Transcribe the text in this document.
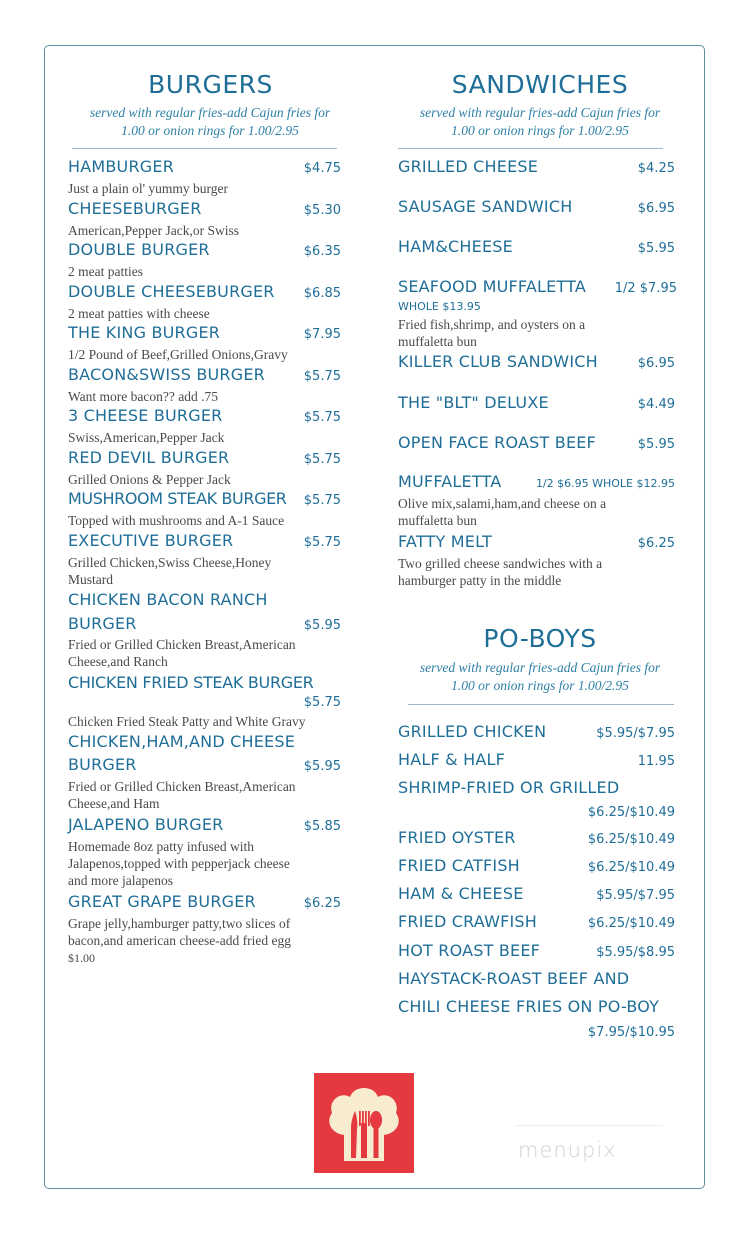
BURGERS
served with regular fries-add Cajun fries for
1.00 or onion rings for 1.00/2.95
HAMBURGER	$4.75
Just a plain ol' yummy burger
CHEESEBURGER	$5.30
American,Pepper Jack,or Swiss
DOUBLE BURGER	$6.35
2 meat patties
DOUBLE CHEESEBURGER $6.85
2 meat patties with cheese
THE KING BURGER	$7.95
1/2 Pound of Beef,Grilled Onions,Gravy
BACON&SWISS BURGER	$5.75
Want more bacon?? add .75
3 CHEESE BURGER	$5.75
Swiss,American,Pepper Jack
RED DEVIL BURGER	$5.75
Grilled Onions & Pepper Jack
MUSHROOM STEAK BURGER $5.75
Topped with mushrooms and A-1 Sauce
EXECUTIVE BURGER	$5.75
Grilled Chicken,Swiss Cheese,Honey
Mustard
CHICKEN BACON RANCH
BURGER	$5.95
Fried or Grilled Chicken Breast,American
Cheese,and Ranch
CHICKEN FRIED STEAK BURGER
$5.75
Chicken Fried Steak Patty and White Gravy
CHICKEN,HAM,AND CHEESE
BURGER	$5.95
Fried or Grilled Chicken Breast,American
Cheese,and Ham
JALAPENO BURGER	$5.85
Homemade 8oz patty infused with
Jalapenos,topped with pepperjack cheese
and more jalapenos
GREAT GRAPE BURGER	$6.25
Grape jelly,hamburger patty,two slices of
bacon,and american cheese-add fried egg
$1.00
SANDWICHES
served with regular fries-add Cajun fries for
1.00 or onion rings for 1.00/2.95
GRILLED CHEESE	$4.25
SAUSAGE SANDWICH	$6.95
HAM&CHEESE	$5.95
SEAFOOD MUFFALETTA 1/2 $7.95
WHOLE $13.95
Fried fish,shrimp, and oysters on a
muffaletta bun
KILLER CLUB SANDWICH	$6.95
THE "BLT" DELUXE	$4.49
OPEN FACE ROAST BEEF	$5.95
MUFFALETTA	1/2 $6.95 WHOLE $12.95
Olive mix,salami,ham,and cheese on a
muffaletta bun
FATTY MELT	$6.25
Two grilled cheese sandwiches with a
hamburger patty in the middle
PO-BOYS
served with regular fries-add Cajun fries for
1.00 or onion rings for 1.00/2.95
GRILLED CHICKEN	$5.95/$7.95
HALF & HALF	11.95
SHRIMP-FRIED OR GRILLED
$6.25/$10.49
FRIED OYSTER	$6.25/$10.49
FRIED CATFISH	$6.25/$10.49
HAM & CHEESE	$5.95/$7.95
FRIED CRAWFISH	$6.25/$10.49
HOT ROAST BEEF	$5.95/$8.95
HAYSTACK-ROAST BEEF AND
CHILI CHEESE FRIES ON PO-BOY
$7.95/$10.95
menupix
